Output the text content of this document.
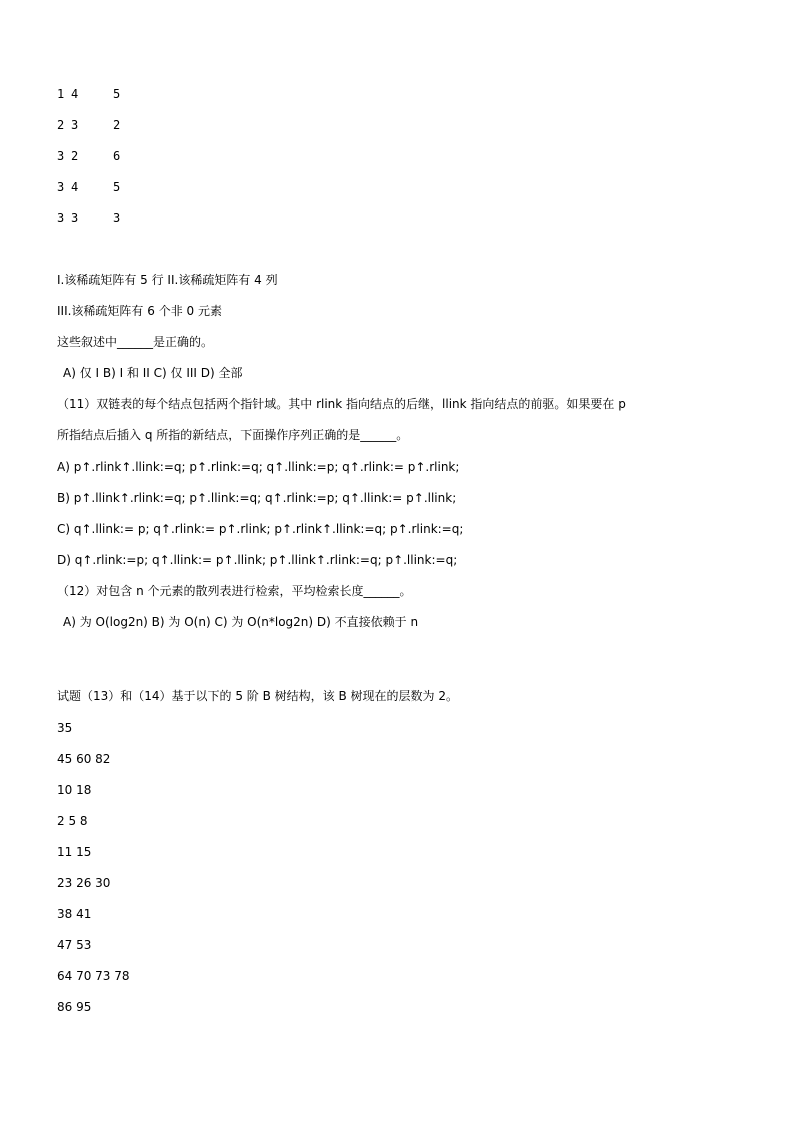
1 4	5
2 3	2
3 2	6
3 4	5
3 3	3
I.该稀疏矩阵有 5 行 II.该稀疏矩阵有 4 列
III.该稀疏矩阵有 6 个非 0 元素
这些叙述中______是正确的。
A) 仅 I B) I 和 II C) 仅 III D) 全部
（11）双链表的每个结点包括两个指针域。其中 rlink 指向结点的后继，llink 指向结点的前驱。如果要在 p
所指结点后插入 q 所指的新结点，下面操作序列正确的是______。
A) p↑.rlink↑.llink:=q; p↑.rlink:=q; q↑.llink:=p; q↑.rlink:= p↑.rlink;
B) p↑.llink↑.rlink:=q; p↑.llink:=q; q↑.rlink:=p; q↑.llink:= p↑.llink;
C) q↑.llink:= p; q↑.rlink:= p↑.rlink; p↑.rlink↑.llink:=q; p↑.rlink:=q;
D) q↑.rlink:=p; q↑.llink:= p↑.llink; p↑.llink↑.rlink:=q; p↑.llink:=q;
（12）对包含 n 个元素的散列表进行检索，平均检索长度______。
A) 为 O(log2n) B) 为 O(n) C) 为 O(n*log2n) D) 不直接依赖于 n
试题（13）和（14）基于以下的 5 阶 B 树结构，该 B 树现在的层数为 2。
35
45 60 82
10 18
2 5 8
11 15
23 26 30
38 41
47 53
64 70 73 78
86 95
